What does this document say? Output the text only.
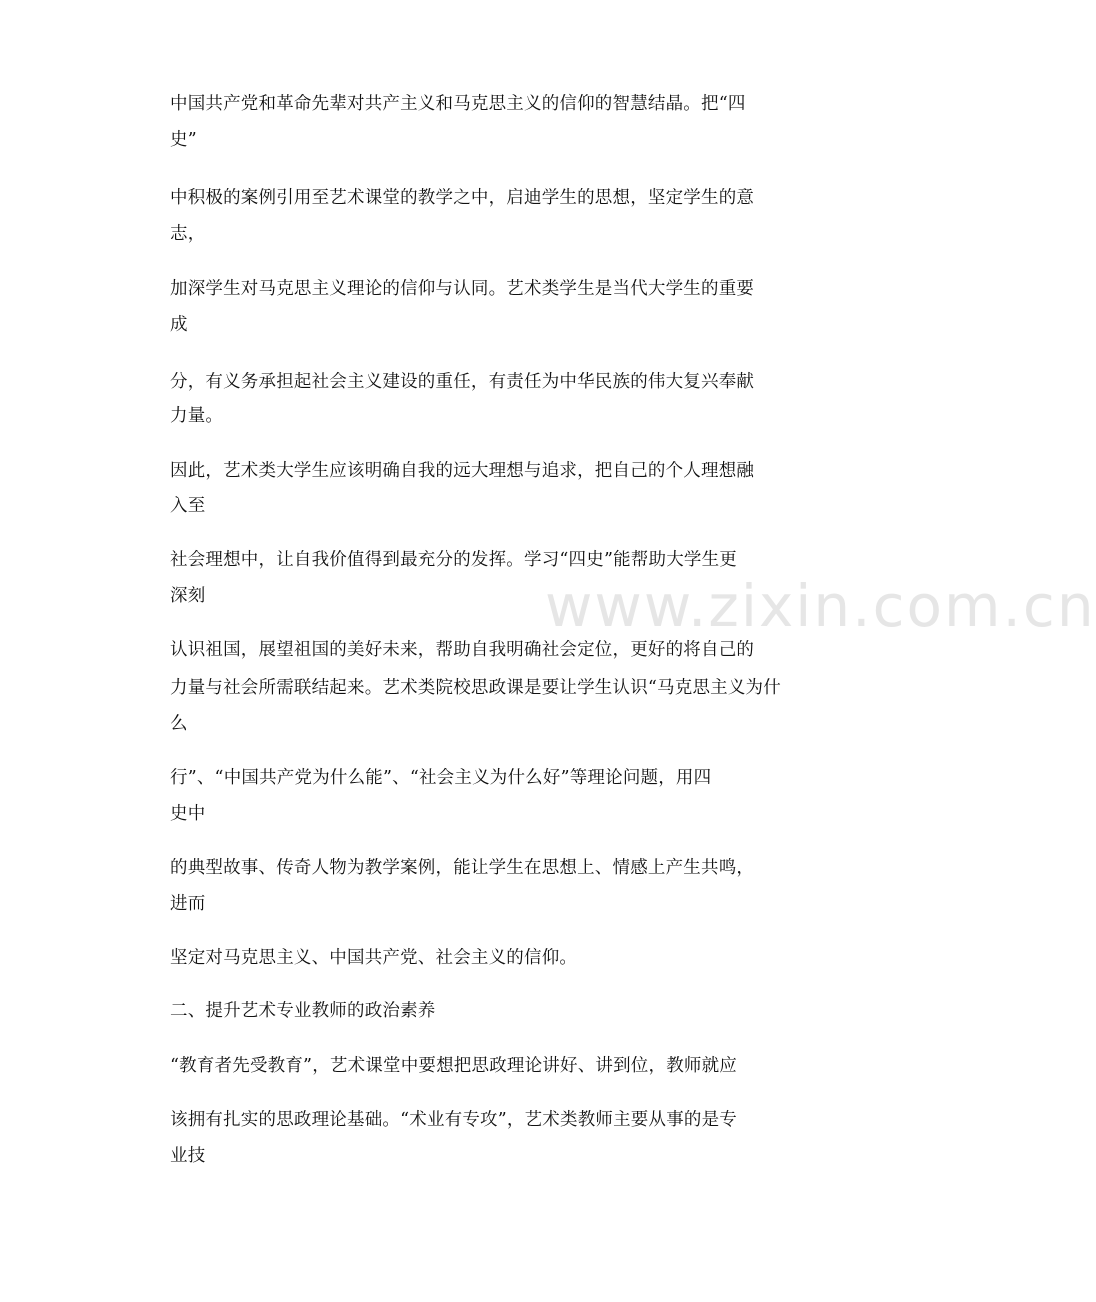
www.zixin.com.cn
中国共产党和革命先辈对共产主义和马克思主义的信仰的智慧结晶。把“四
史”
中积极的案例引用至艺术课堂的教学之中，启迪学生的思想，坚定学生的意
志，
加深学生对马克思主义理论的信仰与认同。艺术类学生是当代大学生的重要
成
分，有义务承担起社会主义建设的重任，有责任为中华民族的伟大复兴奉献
力量。
因此，艺术类大学生应该明确自我的远大理想与追求，把自己的个人理想融
入至
社会理想中，让自我价值得到最充分的发挥。学习“四史”能帮助大学生更
深刻
认识祖国，展望祖国的美好未来，帮助自我明确社会定位，更好的将自己的
力量与社会所需联结起来。艺术类院校思政课是要让学生认识“马克思主义为什
么
行”、“中国共产党为什么能”、“社会主义为什么好”等理论问题，用四
史中
的典型故事、传奇人物为教学案例，能让学生在思想上、情感上产生共鸣，
进而
坚定对马克思主义、中国共产党、社会主义的信仰。
二、提升艺术专业教师的政治素养
“教育者先受教育”，艺术课堂中要想把思政理论讲好、讲到位，教师就应
该拥有扎实的思政理论基础。“术业有专攻”，艺术类教师主要从事的是专
业技
